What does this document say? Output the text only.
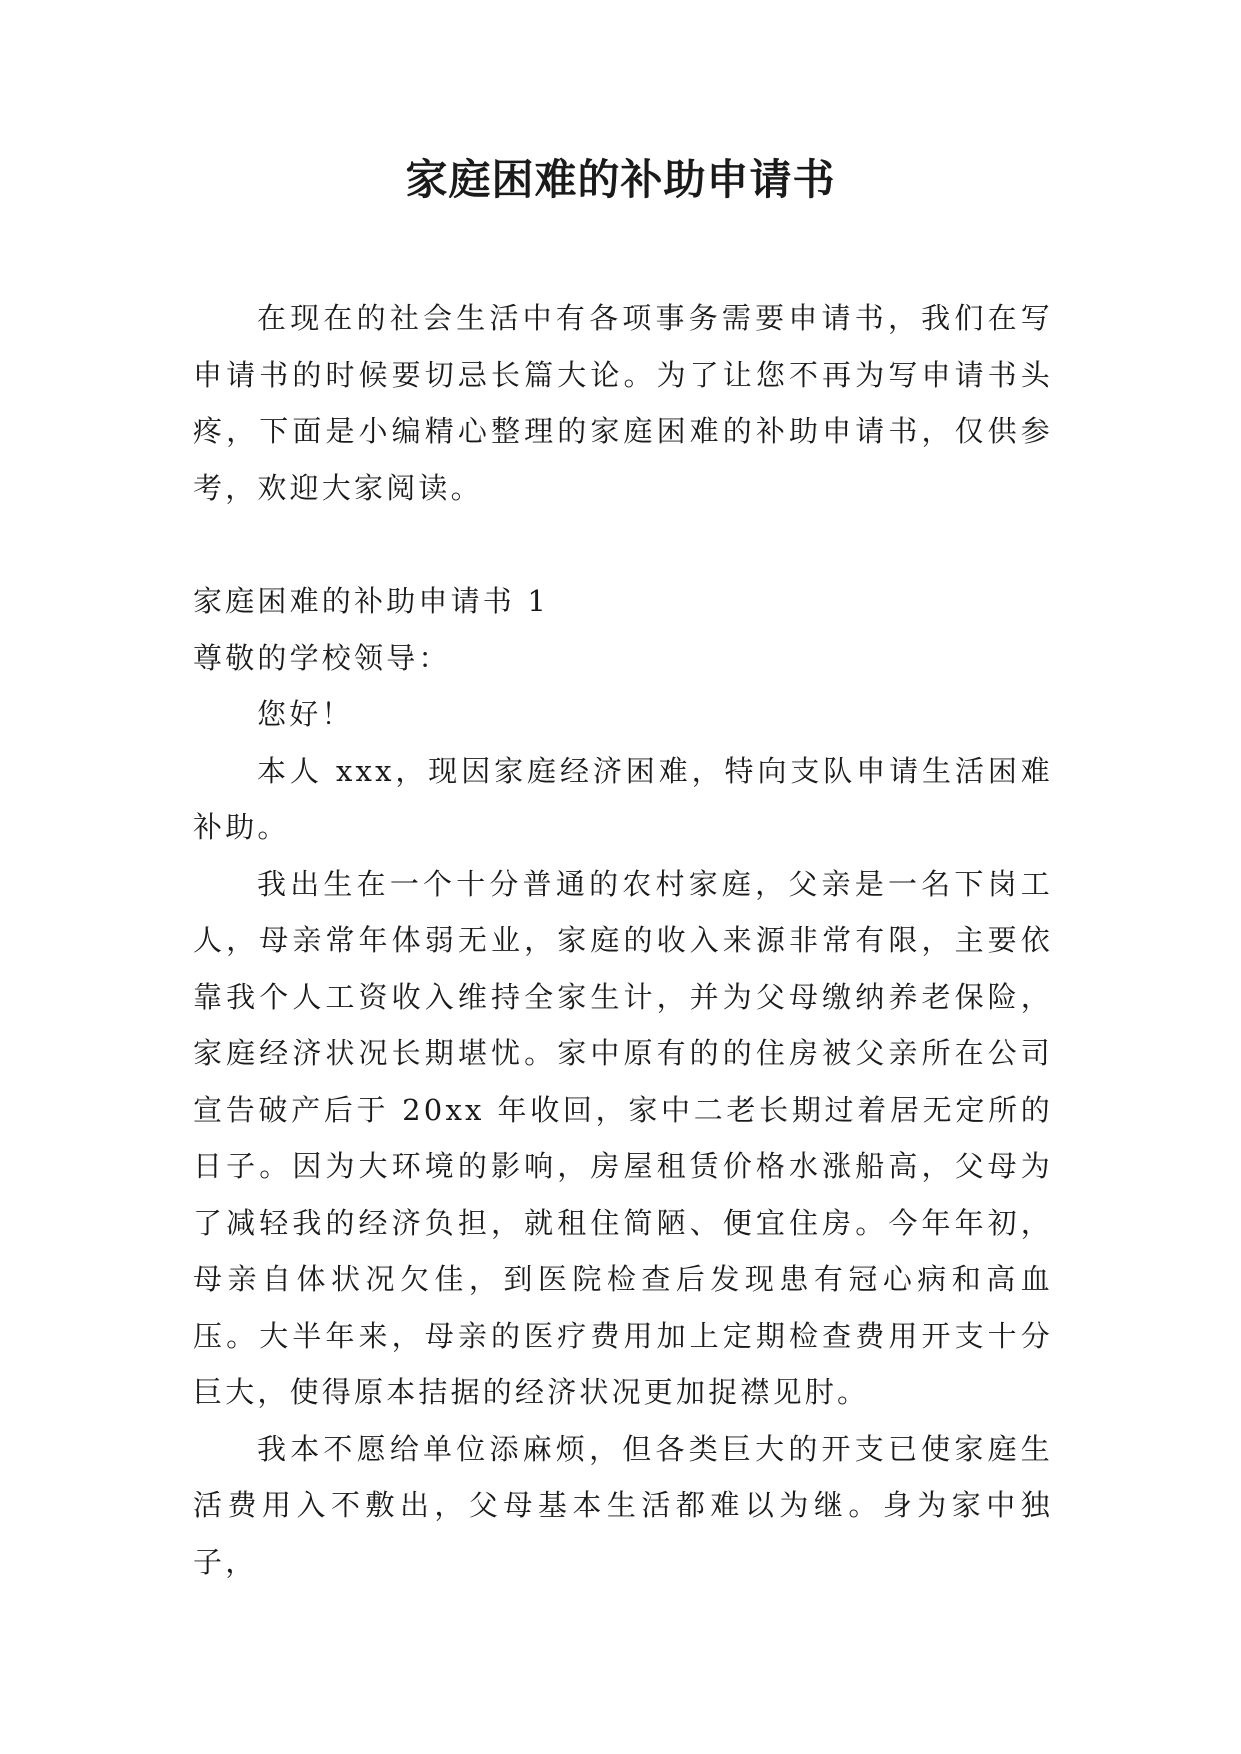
家庭困难的补助申请书

在现在的社会生活中有各项事务需要申请书，我们在写申请书的时候要切忌长篇大论。为了让您不再为写申请书头疼，下面是小编精心整理的家庭困难的补助申请书，仅供参考，欢迎大家阅读。

家庭困难的补助申请书 1

尊敬的学校领导：

您好！

本人 xxx，现因家庭经济困难，特向支队申请生活困难补助。

我出生在一个十分普通的农村家庭，父亲是一名下岗工人，母亲常年体弱无业，家庭的收入来源非常有限，主要依靠我个人工资收入维持全家生计，并为父母缴纳养老保险，家庭经济状况长期堪忧。家中原有的的住房被父亲所在公司宣告破产后于 20xx 年收回，家中二老长期过着居无定所的日子。因为大环境的影响，房屋租赁价格水涨船高，父母为了减轻我的经济负担，就租住简陋、便宜住房。今年年初，母亲自体状况欠佳，到医院检查后发现患有冠心病和高血压。大半年来，母亲的医疗费用加上定期检查费用开支十分巨大，使得原本拮据的经济状况更加捉襟见肘。

我本不愿给单位添麻烦，但各类巨大的开支已使家庭生活费用入不敷出，父母基本生活都难以为继。身为家中独子，
